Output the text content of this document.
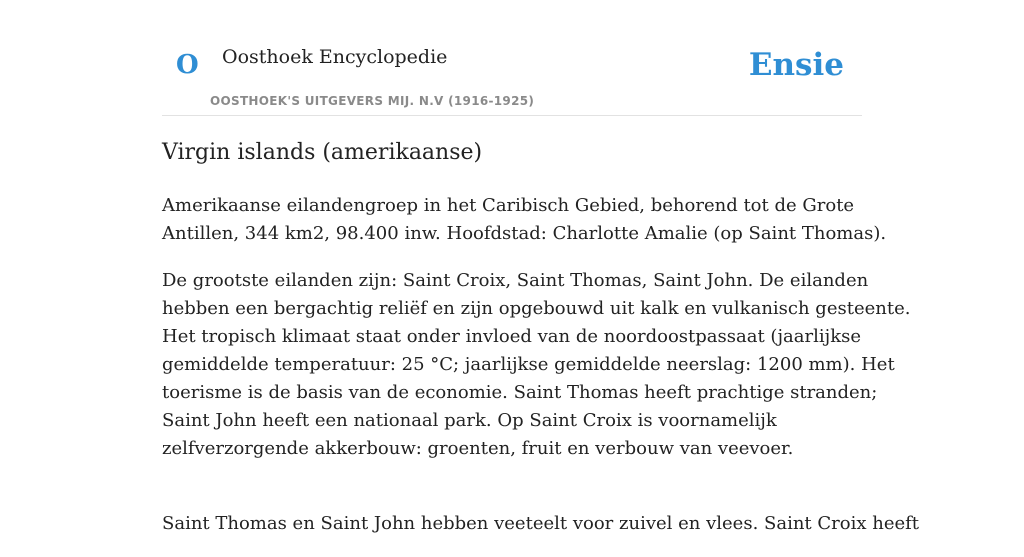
O Oosthoek Encyclopedie
OOSTHOEK'S UITGEVERS MIJ. N.V (1916-1925)
Ensie
Virgin islands (amerikaanse)

Amerikaanse eilandengroep in het Caribisch Gebied, behorend tot de Grote
Antillen, 344 km2, 98.400 inw. Hoofdstad: Charlotte Amalie (op Saint Thomas).

De grootste eilanden zijn: Saint Croix, Saint Thomas, Saint John. De eilanden
hebben een bergachtig reliëf en zijn opgebouwd uit kalk en vulkanisch gesteente.
Het tropisch klimaat staat onder invloed van de noordoostpassaat (jaarlijkse
gemiddelde temperatuur: 25 °C; jaarlijkse gemiddelde neerslag: 1200 mm). Het
toerisme is de basis van de economie. Saint Thomas heeft prachtige stranden;
Saint John heeft een nationaal park. Op Saint Croix is voornamelijk
zelfverzorgende akkerbouw: groenten, fruit en verbouw van veevoer.

Saint Thomas en Saint John hebben veeteelt voor zuivel en vlees. Saint Croix heeft
